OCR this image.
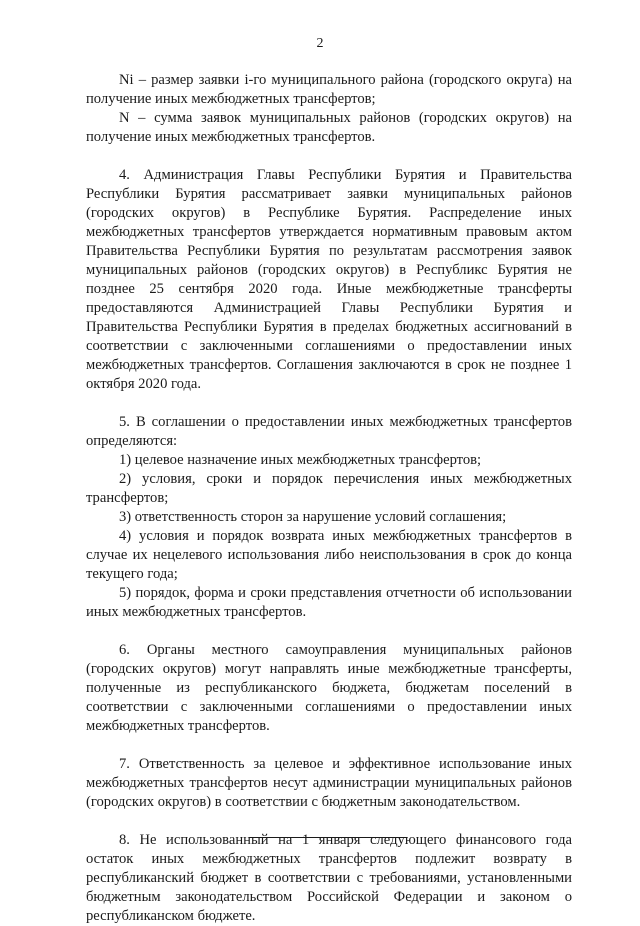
2

Ni – размер заявки i-го муниципального района (городского округа) на получение иных межбюджетных трансфертов;

N – сумма заявок муниципальных районов (городских округов) на получение иных межбюджетных трансфертов.

4. Администрация Главы Республики Бурятия и Правительства Республики Бурятия рассматривает заявки муниципальных районов (городских округов) в Республике Бурятия. Распределение иных межбюджетных трансфертов утверждается нормативным правовым актом Правительства Республики Бурятия по результатам рассмотрения заявок муниципальных районов (городских округов) в Республикс Бурятия не позднее 25 сентября 2020 года. Иные межбюджетные трансферты предоставляются Администрацией Главы Республики Бурятия и Правительства Республики Бурятия в пределах бюджетных ассигнований в соответствии с заключенными соглашениями о предоставлении иных межбюджетных трансфертов. Соглашения заключаются в срок не позднее 1 октября 2020 года.

5. В соглашении о предоставлении иных межбюджетных трансфертов определяются:

1) целевое назначение иных межбюджетных трансфертов;

2) условия, сроки и порядок перечисления иных межбюджетных трансфертов;

3) ответственность сторон за нарушение условий соглашения;

4) условия и порядок возврата иных межбюджетных трансфертов в случае их нецелевого использования либо неиспользования в срок до конца текущего года;

5) порядок, форма и сроки представления отчетности об использовании иных межбюджетных трансфертов.

6. Органы местного самоуправления муниципальных районов (городских округов) могут направлять иные межбюджетные трансферты, полученные из республиканского бюджета, бюджетам поселений в соответствии с заключенными соглашениями о предоставлении иных межбюджетных трансфертов.

7. Ответственность за целевое и эффективное использование иных межбюджетных трансфертов несут администрации муниципальных районов (городских округов) в соответствии с бюджетным законодательством.

8. Не использованный на 1 января следующего финансового года остаток иных межбюджетных трансфертов подлежит возврату в республиканский бюджет в соответствии с требованиями, установленными бюджетным законодательством Российской Федерации и законом о республиканском бюджете.
